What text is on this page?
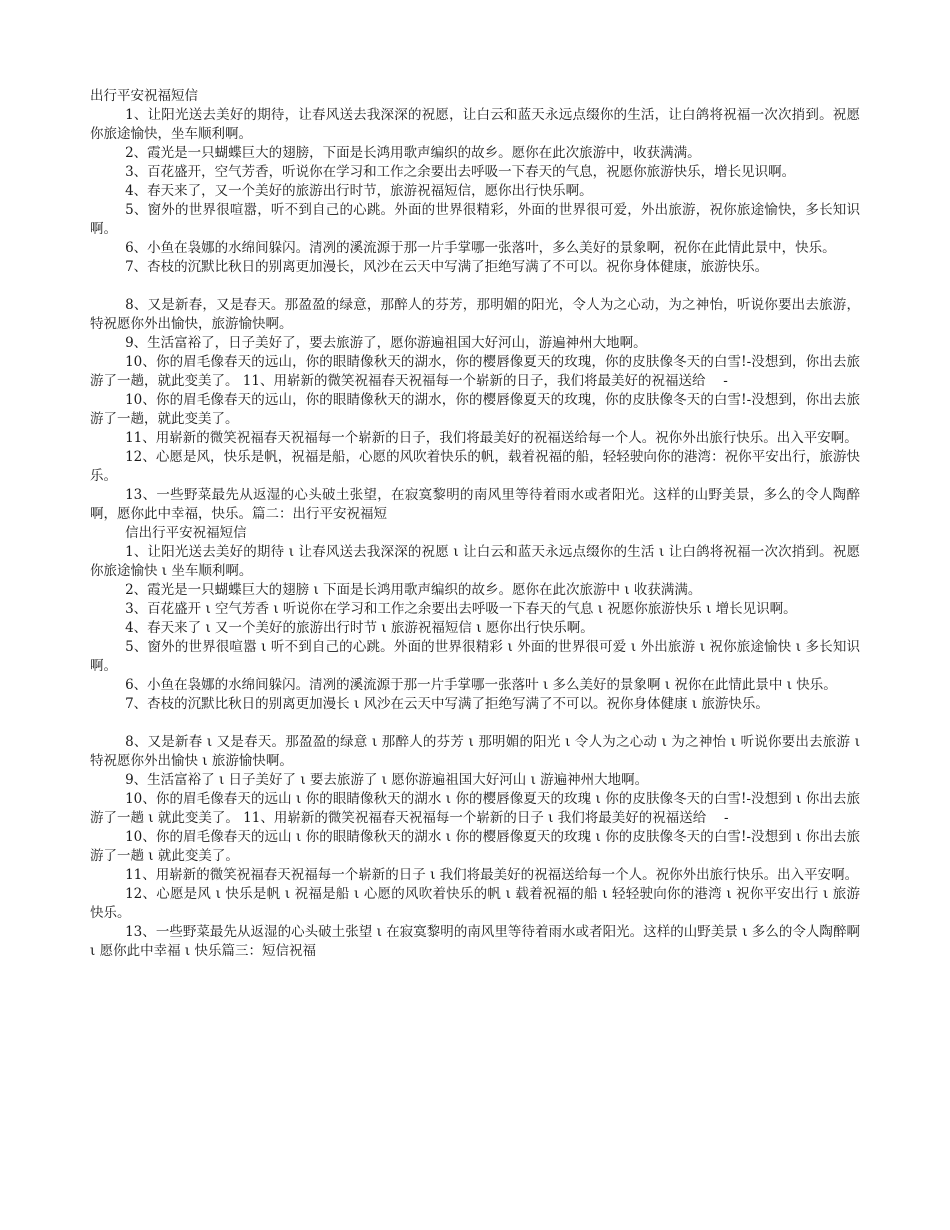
出行平安祝福短信

1、让阳光送去美好的期待，让春风送去我深深的祝愿，让白云和蓝天永远点缀你的生活，让白鸽将祝福一次次捎到。祝愿你旅途愉快，坐车顺利啊。

2、霞光是一只蝴蝶巨大的翅膀，下面是长鸿用歌声编织的故乡。愿你在此次旅游中，收获满满。

3、百花盛开，空气芳香，听说你在学习和工作之余要出去呼吸一下春天的气息，祝愿你旅游快乐，增长见识啊。

4、春天来了，又一个美好的旅游出行时节，旅游祝福短信，愿你出行快乐啊。

5、窗外的世界很喧嚣，听不到自己的心跳。外面的世界很精彩，外面的世界很可爱，外出旅游，祝你旅途愉快，多长知识啊。

6、小鱼在袅娜的水绵间躲闪。清冽的溪流源于那一片手掌哪一张落叶，多么美好的景象啊，祝你在此情此景中，快乐。

7、杏枝的沉默比秋日的别离更加漫长，风沙在云天中写满了拒绝写满了不可以。祝你身体健康，旅游快乐。

8、又是新春，又是春天。那盈盈的绿意，那醉人的芬芳，那明媚的阳光，令人为之心动，为之神怡，听说你要出去旅游，特祝愿你外出愉快，旅游愉快啊。

9、生活富裕了，日子美好了，要去旅游了，愿你游遍祖国大好河山，游遍神州大地啊。

10、你的眉毛像春天的远山，你的眼睛像秋天的湖水，你的樱唇像夏天的玫瑰，你的皮肤像冬天的白雪!-没想到，你出去旅游了一趟，就此变美了。 11、用崭新的微笑祝福春天祝福每一个崭新的日子，我们将最美好的祝福送给　 -

10、你的眉毛像春天的远山，你的眼睛像秋天的湖水，你的樱唇像夏天的玫瑰，你的皮肤像冬天的白雪!-没想到，你出去旅游了一趟，就此变美了。

11、用崭新的微笑祝福春天祝福每一个崭新的日子，我们将最美好的祝福送给每一个人。祝你外出旅行快乐。出入平安啊。

12、心愿是风，快乐是帆，祝福是船，心愿的风吹着快乐的帆，载着祝福的船，轻轻驶向你的港湾：祝你平安出行，旅游快乐。

13、一些野菜最先从返湿的心头破土张望，在寂寞黎明的南风里等待着雨水或者阳光。这样的山野美景，多么的令人陶醉啊，愿你此中幸福，快乐。篇二：出行平安祝福短

信出行平安祝福短信

1、让阳光送去美好的期待 ι 让春风送去我深深的祝愿 ι 让白云和蓝天永远点缀你的生活 ι 让白鸽将祝福一次次捎到。祝愿你旅途愉快 ι 坐车顺利啊。

2、霞光是一只蝴蝶巨大的翅膀 ι 下面是长鸿用歌声编织的故乡。愿你在此次旅游中 ι 收获满满。

3、百花盛开 ι 空气芳香 ι 听说你在学习和工作之余要出去呼吸一下春天的气息 ι 祝愿你旅游快乐 ι 增长见识啊。

4、春天来了 ι 又一个美好的旅游出行时节 ι 旅游祝福短信 ι 愿你出行快乐啊。

5、窗外的世界很喧嚣 ι 听不到自己的心跳。外面的世界很精彩 ι 外面的世界很可爱 ι 外出旅游 ι 祝你旅途愉快 ι 多长知识啊。

6、小鱼在袅娜的水绵间躲闪。清冽的溪流源于那一片手掌哪一张落叶 ι 多么美好的景象啊 ι 祝你在此情此景中 ι 快乐。

7、杏枝的沉默比秋日的别离更加漫长 ι 风沙在云天中写满了拒绝写满了不可以。祝你身体健康 ι 旅游快乐。

8、又是新春 ι 又是春天。那盈盈的绿意 ι 那醉人的芬芳 ι 那明媚的阳光 ι 令人为之心动 ι 为之神怡 ι 听说你要出去旅游 ι 特祝愿你外出愉快 ι 旅游愉快啊。

9、生活富裕了 ι 日子美好了 ι 要去旅游了 ι 愿你游遍祖国大好河山 ι 游遍神州大地啊。

10、你的眉毛像春天的远山 ι 你的眼睛像秋天的湖水 ι 你的樱唇像夏天的玫瑰 ι 你的皮肤像冬天的白雪!-没想到 ι 你出去旅游了一趟 ι 就此变美了。 11、用崭新的微笑祝福春天祝福每一个崭新的日子 ι 我们将最美好的祝福送给　 -

10、你的眉毛像春天的远山 ι 你的眼睛像秋天的湖水 ι 你的樱唇像夏天的玫瑰 ι 你的皮肤像冬天的白雪!-没想到 ι 你出去旅游了一趟 ι 就此变美了。

11、用崭新的微笑祝福春天祝福每一个崭新的日子 ι 我们将最美好的祝福送给每一个人。祝你外出旅行快乐。出入平安啊。

12、心愿是风 ι 快乐是帆 ι 祝福是船 ι 心愿的风吹着快乐的帆 ι 载着祝福的船 ι 轻轻驶向你的港湾 ι 祝你平安出行 ι 旅游快乐。

13、一些野菜最先从返湿的心头破土张望 ι 在寂寞黎明的南风里等待着雨水或者阳光。这样的山野美景 ι 多么的令人陶醉啊 ι 愿你此中幸福 ι 快乐篇三：短信祝福
